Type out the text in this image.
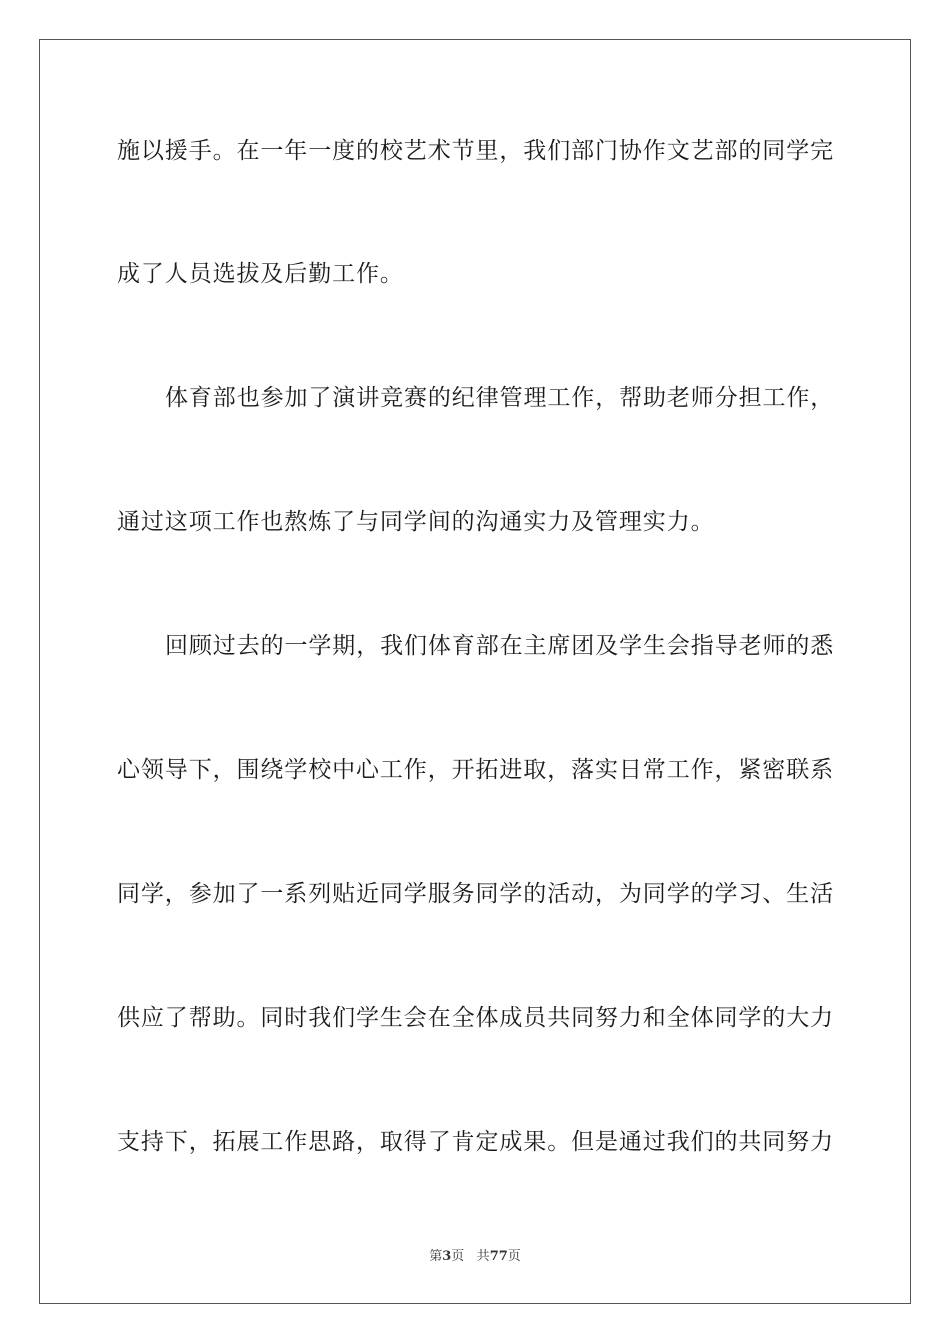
施以援手。在一年一度的校艺术节里，我们部门协作文艺部的同学完
成了人员选拔及后勤工作。
体育部也参加了演讲竞赛的纪律管理工作，帮助老师分担工作，
通过这项工作也熬炼了与同学间的沟通实力及管理实力。
回顾过去的一学期，我们体育部在主席团及学生会指导老师的悉
心领导下，围绕学校中心工作，开拓进取，落实日常工作，紧密联系
同学，参加了一系列贴近同学服务同学的活动，为同学的学习、生活
供应了帮助。同时我们学生会在全体成员共同努力和全体同学的大力
支持下，拓展工作思路，取得了肯定成果。但是通过我们的共同努力
第3页 共77页
